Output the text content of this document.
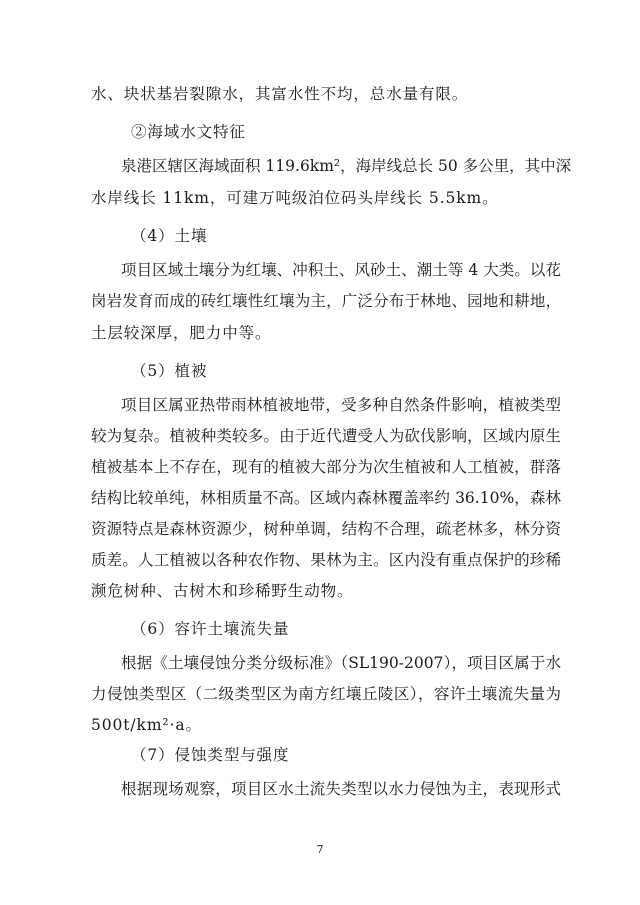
水、块状基岩裂隙水，其富水性不均，总水量有限。
②海域水文特征
泉港区辖区海域面积 119.6km²，海岸线总长 50 多公里，其中深
水岸线长 11km，可建万吨级泊位码头岸线长 5.5km。
（4）土壤
项目区域土壤分为红壤、冲积土、风砂土、潮土等 4 大类。以花
岗岩发育而成的砖红壤性红壤为主，广泛分布于林地、园地和耕地，
土层较深厚，肥力中等。
（5）植被
项目区属亚热带雨林植被地带，受多种自然条件影响，植被类型
较为复杂。植被种类较多。由于近代遭受人为砍伐影响，区域内原生
植被基本上不存在，现有的植被大部分为次生植被和人工植被，群落
结构比较单纯，林相质量不高。区域内森林覆盖率约 36.10%，森林
资源特点是森林资源少，树种单调，结构不合理，疏老林多，林分资
质差。人工植被以各种农作物、果林为主。区内没有重点保护的珍稀
濒危树种、古树木和珍稀野生动物。
（6）容许土壤流失量
根据《土壤侵蚀分类分级标准》（SL190-2007），项目区属于水
力侵蚀类型区（二级类型区为南方红壤丘陵区），容许土壤流失量为
500t/km²·a。
（7）侵蚀类型与强度
根据现场观察，项目区水土流失类型以水力侵蚀为主，表现形式
7
